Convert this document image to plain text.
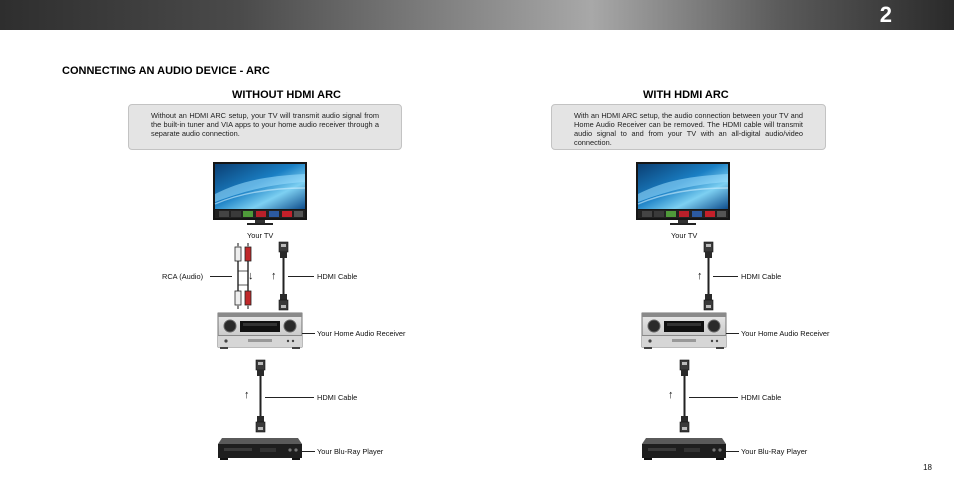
2
CONNECTING AN AUDIO DEVICE - ARC
WITHOUT HDMI ARC
Without an HDMI ARC setup, your TV will transmit audio signal from the built-in tuner and VIA apps to your home audio receiver through a separate audio connection.
Your TV
↓
RCA (Audio)	↑	HDMI Cable
Your Home Audio Receiver
↑	HDMI Cable
Your Blu-Ray Player
WITH HDMI ARC
With an HDMI ARC setup, the audio connection between your TV and Home Audio Receiver can be removed. The HDMI cable will transmit audio signal to and from your TV with an all-digital audio/video connection.
Your TV
↑	HDMI Cable
Your Home Audio Receiver
↑	HDMI Cable
Your Blu-Ray Player
18
